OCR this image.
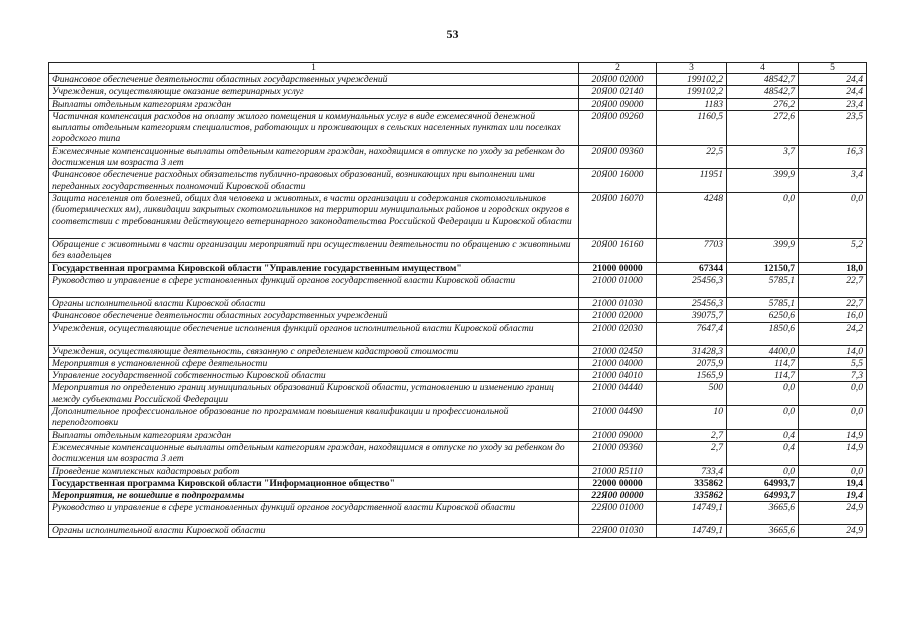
53
1	2	3	4	5
Финансовое обеспечение деятельности областных государственных учреждений	20Я00 02000	199102,2	48542,7	24,4
Учреждения, осуществляющие оказание ветеринарных услуг	20Я00 02140	199102,2	48542,7	24,4
Выплаты отдельным категориям граждан	20Я00 09000	1183	276,2	23,4
Частичная компенсация расходов на оплату жилого помещения и коммунальных услуг в виде ежемесячной денежной выплаты отдельным категориям специалистов, работающих и проживающих в сельских населенных пунктах или поселках городского типа	20Я00 09260	1160,5	272,6	23,5
Ежемесячные компенсационные выплаты отдельным категориям граждан, находящимся в отпуске по уходу за ребенком до достижения им возраста 3 лет	20Я00 09360	22,5	3,7	16,3
Финансовое обеспечение расходных обязательств публично-правовых образований, возникающих при выполнении ими переданных государственных полномочий Кировской области	20Я00 16000	11951	399,9	3,4
Защита населения от болезней, общих для человека и животных, в части организации и содержания скотомогильников (биотермических ям), ликвидации закрытых скотомогильников на территории муниципальных районов и городских округов в соответствии с требованиями действующего ветеринарного законодательства Российской Федерации и Кировской области	20Я00 16070	4248	0,0	0,0
Обращение с животными в части организации мероприятий при осуществлении деятельности по обращению с животными без владельцев	20Я00 16160	7703	399,9	5,2
Государственная программа Кировской области "Управление государственным имуществом"	21000 00000	67344	12150,7	18,0
Руководство и управление в сфере установленных функций органов государственной власти Кировской области	21000 01000	25456,3	5785,1	22,7
Органы исполнительной власти Кировской области	21000 01030	25456,3	5785,1	22,7
Финансовое обеспечение деятельности областных государственных учреждений	21000 02000	39075,7	6250,6	16,0
Учреждения, осуществляющие обеспечение исполнения функций органов исполнительной власти Кировской области	21000 02030	7647,4	1850,6	24,2
Учреждения, осуществляющие деятельность, связанную с определением кадастровой стоимости	21000 02450	31428,3	4400,0	14,0
Мероприятия в установленной сфере деятельности	21000 04000	2075,9	114,7	5,5
Управление государственной собственностью Кировской области	21000 04010	1565,9	114,7	7,3
Мероприятия по определению границ муниципальных образований Кировской области, установлению и изменению границ между субъектами Российской Федерации	21000 04440	500	0,0	0,0
Дополнительное профессиональное образование по программам повышения квалификации и профессиональной переподготовки	21000 04490	10	0,0	0,0
Выплаты отдельным категориям граждан	21000 09000	2,7	0,4	14,9
Ежемесячные компенсационные выплаты отдельным категориям граждан, находящимся в отпуске по уходу за ребенком до достижения им возраста 3 лет	21000 09360	2,7	0,4	14,9
Проведение комплексных кадастровых работ	21000 R5110	733,4	0,0	0,0
Государственная программа Кировской области "Информационное общество"	22000 00000	335862	64993,7	19,4
Мероприятия, не вошедшие в подпрограммы	22Я00 00000	335862	64993,7	19,4
Руководство и управление в сфере установленных функций органов государственной власти Кировской области	22Я00 01000	14749,1	3665,6	24,9
Органы исполнительной власти Кировской области	22Я00 01030	14749,1	3665,6	24,9
